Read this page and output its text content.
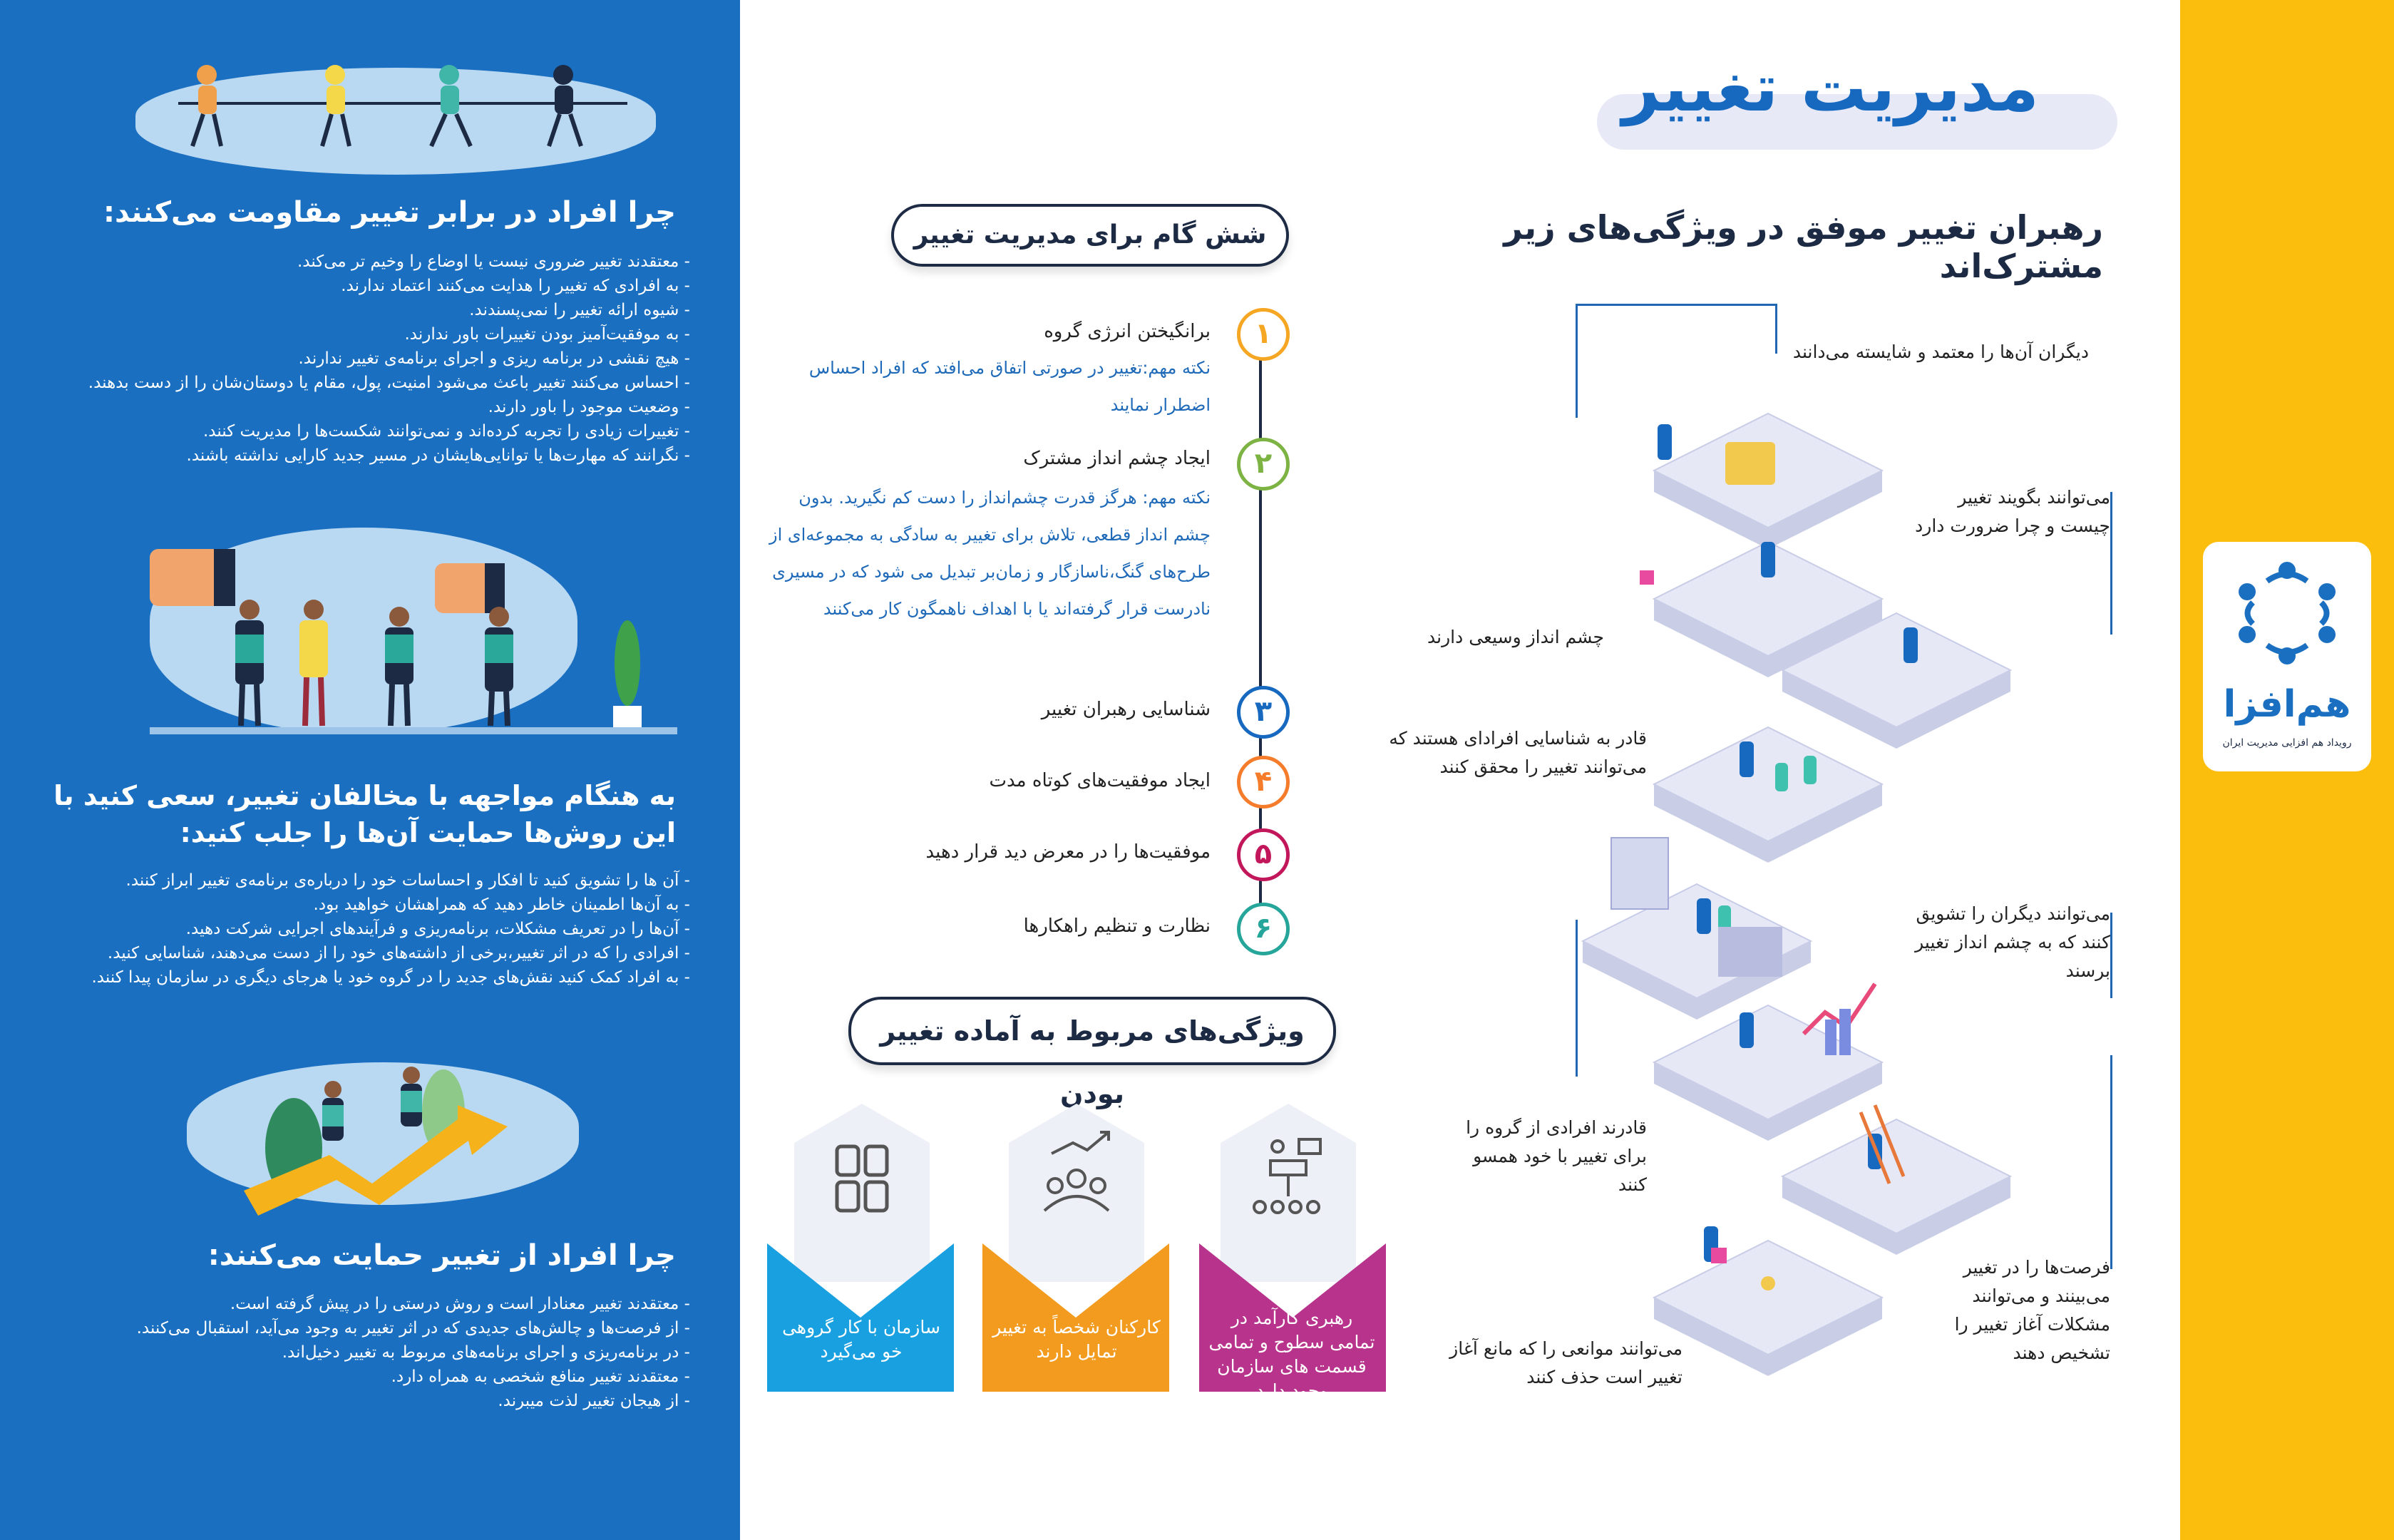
چرا افراد در برابر تغییر مقاومت می‌کنند:
- معتقدند تغییر ضروری نیست یا اوضاع را وخیم تر می‌کند.
- به افرادی که تغییر را هدایت می‌کنند اعتماد ندارند.
- شیوه ارائه تغییر را نمی‌پسندند.
- به موفقیت‌آمیز بودن تغییرات باور ندارند.
- هیچ نقشی در برنامه ریزی و اجرای برنامه‌ی تغییر ندارند.
- احساس می‌کنند تغییر باعث می‌شود امنیت، پول، مقام یا دوستان‌شان را از دست بدهند.
- وضعیت موجود را باور دارند.
- تغییرات زیادی را تجربه کرده‌اند و نمی‌توانند شکست‌ها را مدیریت کنند.
- نگرانند که مهارت‌ها یا توانایی‌هایشان در مسیر جدید کارایی نداشته باشند.
به هنگام مواجهه با مخالفان تغییر، سعی کنید با این روش‌ها حمایت آن‌ها را جلب کنید:
- آن ها را تشویق کنید تا افکار و احساسات خود را درباره‌ی برنامه‌ی تغییر ابراز کنند.
- به آن‌ها اطمینان خاطر دهید که همراهشان خواهید بود.
- آن‌ها را در تعریف مشکلات، برنامه‌ریزی و فرآیندهای اجرایی شرکت دهید.
- افرادی را که در اثر تغییر،برخی از داشته‌های خود را از دست می‌دهند، شناسایی کنید.
- به افراد کمک کنید نقش‌های جدید را در گروه خود یا هرجای دیگری در سازمان پیدا کنند.
چرا افراد از تغییر حمایت می‌کنند:
- معتقدند تغییر معنادار است و روش درستی را در پیش گرفته است.
- از فرصت‌ها و چالش‌های جدیدی که در اثر تغییر به وجود می‌آید، استقبال می‌کنند.
- در برنامه‌ریزی و اجرای برنامه‌های مربوط به تغییر دخیل‌اند.
- معتقدند تغییر منافع شخصی به همراه دارد.
- از هیجان تغییر لذت میبرند.
هم‌افزا
رویداد هم افزایی مدیریت ایران
مدیریت تغییر
رهبران تغییر موفق در ویژگی‌های زیر مشترک‌اند
شش گام برای مدیریت تغییر
۱
برانگیختن انرژی گروه
نکته مهم:تغییر در صورتی اتفاق می‌افتد که افراد احساس اضطرار نمایند
۲
ایجاد چشم انداز مشترک
نکته مهم: هرگز قدرت چشم‌انداز را دست کم نگیرید. بدون چشم انداز قطعی، تلاش برای تغییر به سادگی به مجموعه‌ای از طرح‌های گنگ،ناسازگار و زمان‌بر تبدیل می شود که در مسیری نادرست قرار گرفته‌اند یا با اهداف ناهمگون کار می‌کنند
۳
شناسایی رهبران تغییر
۴
ایجاد موفقیت‌های کوتاه مدت
۵
موفقیت‌ها را در معرض دید قرار دهید
۶
نظارت و تنظیم راهکارها
ویژگی‌های مربوط به آماده تغییر بودن
رهبری کارآمد در تمامی سطوح و تمامی قسمت های سازمان وجود دارد
کارکنان شخصاً به تغییر تمایل دارند
سازمان با کار گروهی خو می‌گیرد
دیگران آن‌ها را معتمد و شایسته می‌دانند
می‌توانند بگویند تغییر چیست و چرا ضرورت دارد
چشم انداز وسیعی دارند
قادر به شناسایی افرادای هستند که می‌توانند تغییر را محقق کنند
می‌توانند دیگران را تشویق کنند که به چشم انداز تغییر برسند
قادرند افرادی از گروه را برای تغییر با خود همسو کنند
فرصت‌ها را در تغییر می‌بینند و می‌توانند مشکلات آغاز تغییر را تشخیص دهند
می‌توانند موانعی را که مانع آغاز تغییر است حذف کنند
